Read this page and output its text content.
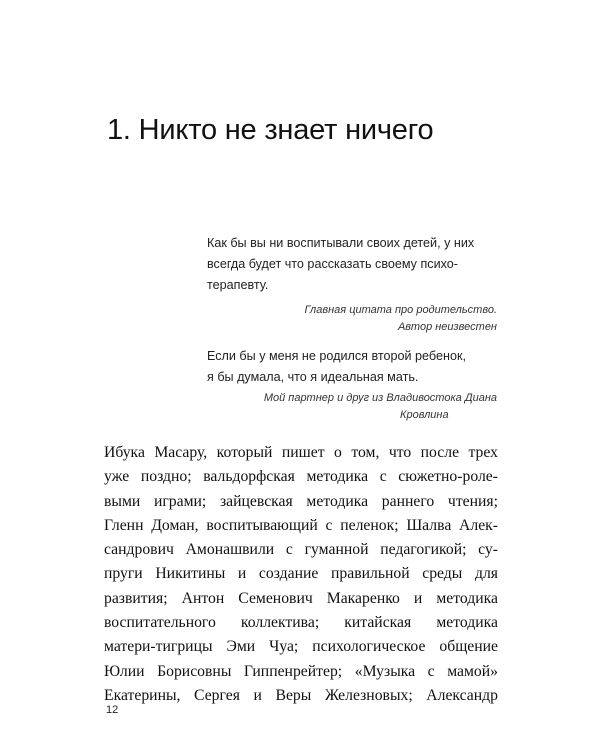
1. Никто не знает ничего
Как бы вы ни воспитывали своих детей, у них
всегда будет что рассказать своему психо-
терапевту.
Главная цитата про родительство.
Автор неизвестен
Если бы у меня не родился второй ребенок,
я бы думала, что я идеальная мать.
Мой партнер и друг из Владивостока Диана
Кровлина
Ибука Масару, который пишет о том, что после трех
уже поздно; вальдорфская методика с сюжетно-роле-
выми играми; зайцевская методика раннего чтения;
Гленн Доман, воспитывающий с пеленок; Шалва Алек-
сандрович Амонашвили с гуманной педагогикой; су-
пруги Никитины и создание правильной среды для
развития; Антон Семенович Макаренко и методика
воспитательного коллектива; китайская методика
матери-тигрицы Эми Чуа; психологическое общение
Юлии Борисовны Гиппенрейтер; «Музыка с мамой»
Екатерины, Сергея и Веры Железновых; Александр
12
